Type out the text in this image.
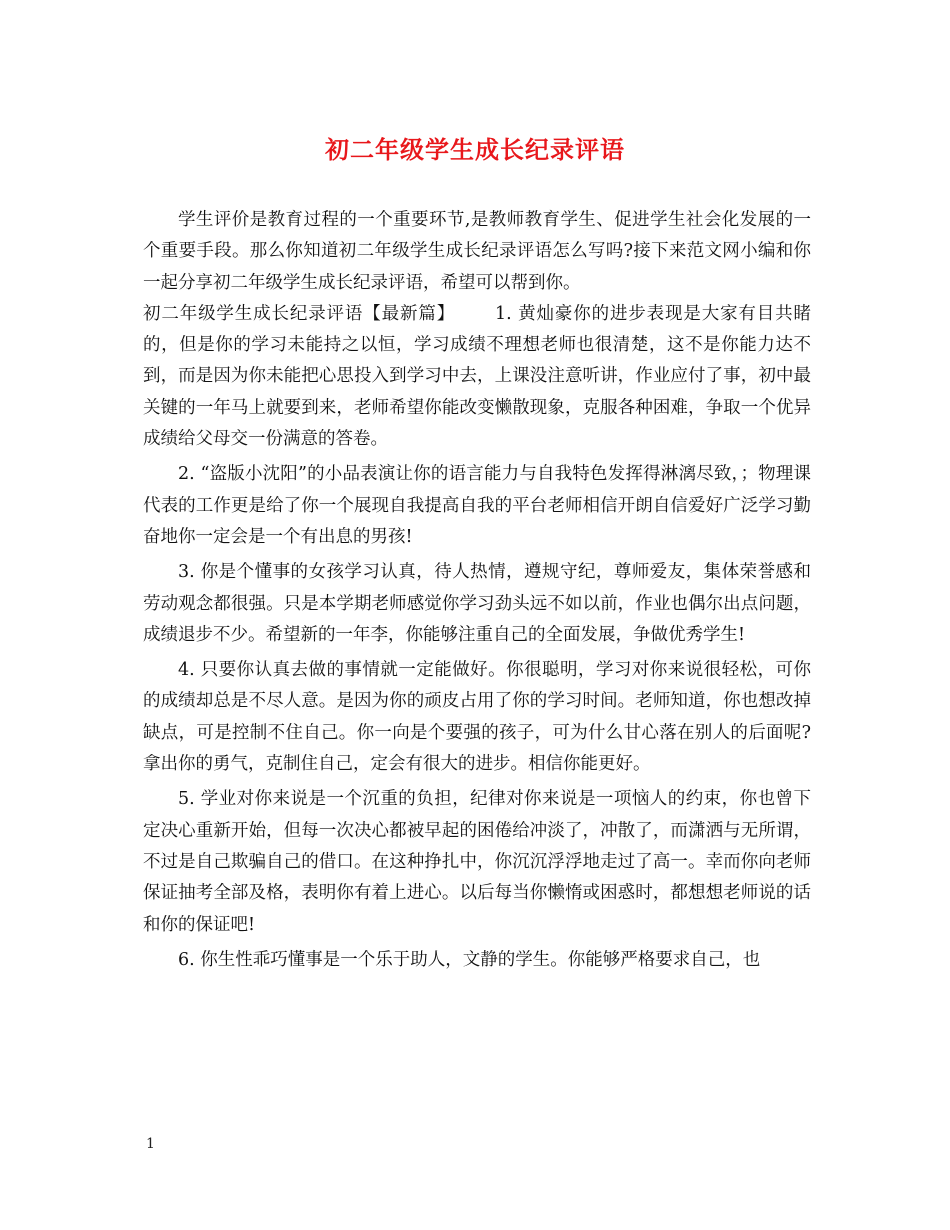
初二年级学生成长纪录评语

学生评价是教育过程的一个重要环节,是教师教育学生、促进学生社会化发展的一个重要手段。那么你知道初二年级学生成长纪录评语怎么写吗?接下来范文网小编和你一起分享初二年级学生成长纪录评语，希望可以帮到你。

初二年级学生成长纪录评语【最新篇】 1. 黄灿豪你的进步表现是大家有目共睹的，但是你的学习未能持之以恒，学习成绩不理想老师也很清楚，这不是你能力达不到，而是因为你未能把心思投入到学习中去，上课没注意听讲，作业应付了事，初中最关键的一年马上就要到来，老师希望你能改变懒散现象，克服各种困难，争取一个优异成绩给父母交一份满意的答卷。

2. “盗版小沈阳”的小品表演让你的语言能力与自我特色发挥得淋漓尽致，；物理课代表的工作更是给了你一个展现自我提高自我的平台老师相信开朗自信爱好广泛学习勤奋地你一定会是一个有出息的男孩!

3. 你是个懂事的女孩学习认真，待人热情，遵规守纪，尊师爱友，集体荣誉感和劳动观念都很强。只是本学期老师感觉你学习劲头远不如以前，作业也偶尔出点问题，成绩退步不少。希望新的一年李，你能够注重自己的全面发展，争做优秀学生!

4. 只要你认真去做的事情就一定能做好。你很聪明，学习对你来说很轻松，可你的成绩却总是不尽人意。是因为你的顽皮占用了你的学习时间。老师知道，你也想改掉缺点，可是控制不住自己。你一向是个要强的孩子，可为什么甘心落在别人的后面呢?拿出你的勇气，克制住自己，定会有很大的进步。相信你能更好。

5. 学业对你来说是一个沉重的负担，纪律对你来说是一项恼人的约束，你也曾下定决心重新开始，但每一次决心都被早起的困倦给冲淡了，冲散了，而潇洒与无所谓，不过是自己欺骗自己的借口。在这种挣扎中，你沉沉浮浮地走过了高一。幸而你向老师保证抽考全部及格，表明你有着上进心。以后每当你懒惰或困惑时，都想想老师说的话和你的保证吧!

6. 你生性乖巧懂事是一个乐于助人，文静的学生。你能够严格要求自己，也

1
